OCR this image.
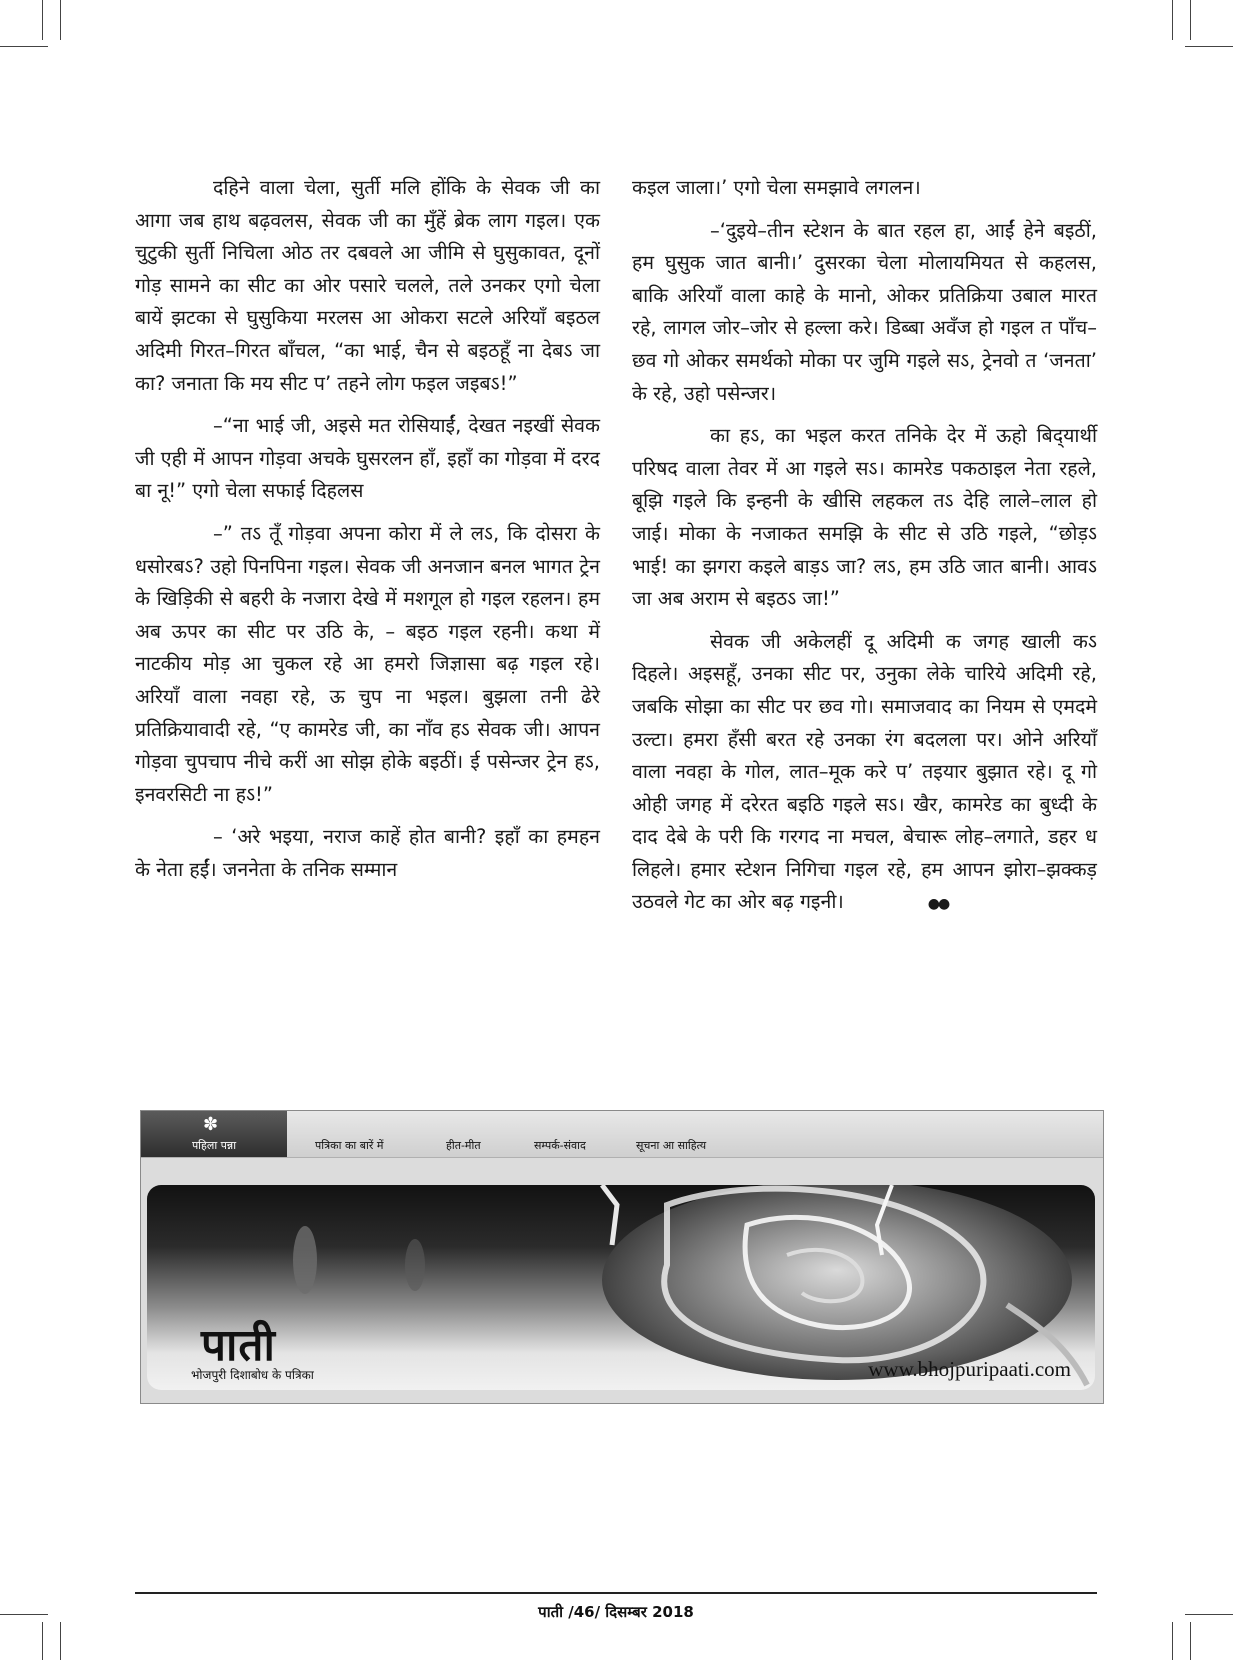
दहिने वाला चेला, सुर्ती मलि होंकि के सेवक जी का आगा जब हाथ बढ़वलस, सेवक जी का मुँहें ब्रेक लाग गइल। एक चुटुकी सुर्ती निचिला ओठ तर दबवले आ जीमि से घुसुकावत, दूनों गोड़ सामने का सीट का ओर पसारे चलले, तले उनकर एगो चेला बायें झटका से घुसुकिया मरलस आ ओकरा सटले अरियाँ बइठल अदिमी गिरत–गिरत बाँचल, “का भाई, चैन से बइठहूँ ना देबऽ जा का? जनाता कि मय सीट प’ तहने लोग फइल जइबऽ!”

–“ना भाई जी, अइसे मत रोसियाईं, देखत नइखीं सेवक जी एही में आपन गोड़वा अचके घुसरलन हाँ, इहाँ का गोड़वा में दरद बा नू!” एगो चेला सफाई दिहलस

–” तऽ तूँ गोड़वा अपना कोरा में ले लऽ, कि दोसरा के धसोरबऽ? उहो पिनपिना गइल। सेवक जी अनजान बनल भागत ट्रेन के खिड़िकी से बहरी के नजारा देखे में मशगूल हो गइल रहलन। हम अब ऊपर का सीट पर उठि के, – बइठ गइल रहनी। कथा में नाटकीय मोड़ आ चुकल रहे आ हमरो जिज्ञासा बढ़ गइल रहे। अरियाँ वाला नवहा रहे, ऊ चुप ना भइल। बुझला तनी ढेरे प्रतिक्रियावादी रहे, “ए कामरेड जी, का नाँव हऽ सेवक जी। आपन गोड़वा चुपचाप नीचे करीं आ सोझ होके बइठीं। ई पसेन्जर ट्रेन हऽ, इनवरसिटी ना हऽ!”

– ‘अरे भइया, नराज काहें होत बानी? इहाँ का हमहन के नेता हईं। जननेता के तनिक सम्मान

कइल जाला।’ एगो चेला समझावे लगलन।

–‘दुइये–तीन स्टेशन के बात रहल हा, आईं हेने बइठीं, हम घुसुक जात बानी।’ दुसरका चेला मोलायमियत से कहलस, बाकि अरियाँ वाला काहे के मानो, ओकर प्रतिक्रिया उबाल मारत रहे, लागल जोर–जोर से हल्ला करे। डिब्बा अवँज हो गइल त पाँच–छव गो ओकर समर्थको मोका पर जुमि गइले सऽ, ट्रेनवो त ‘जनता’ के रहे, उहो पसेन्जर।

का हऽ, का भइल करत तनिके देर में ऊहो बिद्‌यार्थी परिषद वाला तेवर में आ गइले सऽ। कामरेड पकठाइल नेता रहले, बूझि गइले कि इन्हनी के खीसि लहकल तऽ देहि लाले–लाल हो जाई। मोका के नजाकत समझि के सीट से उठि गइले, “छोड़ऽ भाई! का झगरा कइले बाड़ऽ जा? लऽ, हम उठि जात बानी। आवऽ जा अब अराम से बइठऽ जा!”

सेवक जी अकेलहीं दू अदिमी क जगह खाली कऽ दिहले। अइसहूँ, उनका सीट पर, उनुका लेके चारिये अदिमी रहे, जबकि सोझा का सीट पर छव गो। समाजवाद का नियम से एमदमे उल्टा। हमरा हँसी बरत रहे उनका रंग बदलला पर। ओने अरियाँ वाला नवहा के गोल, लात–मूक करे प’ तइयार बुझात रहे। दू गो ओही जगह में दरेरत बइठि गइले सऽ। खैर, कामरेड का बुध्दी के दाद देबे के परी कि गरगद ना मचल, बेचारू लोह–लगाते, डहर ध लिहले। हमार स्टेशन निगिचा गइल रहे, हम आपन झोरा–झक्कड़ उठवले गेट का ओर बढ़ गइनी।	●●

✽
पहिला पन्ना	पत्रिका का बारें में	हीत-मीत	सम्पर्क-संवाद	सूचना आ साहित्य
पाती
भोजपुरी दिशाबोध के पत्रिका	www.bhojpuripaati.com
पाती /46/ दिसम्बर 2018
